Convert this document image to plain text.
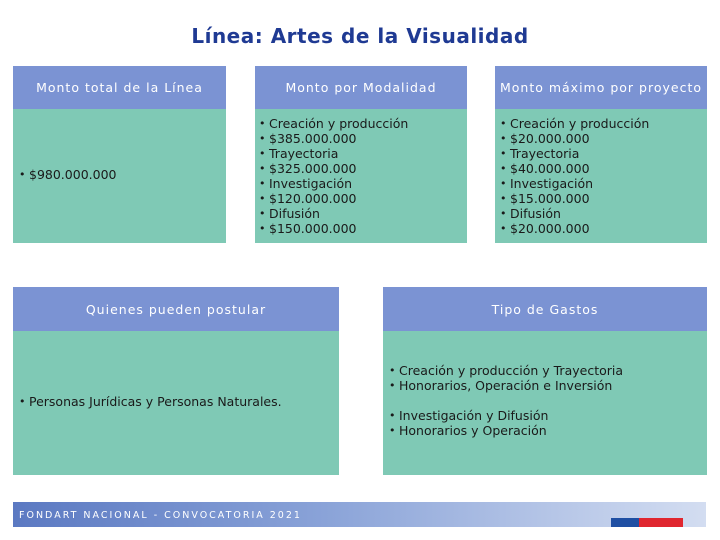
Línea: Artes de la Visualidad
Monto total de la Línea
• $980.000.000
Monto por Modalidad
• Creación y producción
• $385.000.000
• Trayectoria
• $325.000.000
• Investigación
• $120.000.000
• Difusión
• $150.000.000
Monto máximo por proyecto
• Creación y producción
• $20.000.000
• Trayectoria
• $40.000.000
• Investigación
• $15.000.000
• Difusión
• $20.000.000
Quienes pueden postular
• Personas Jurídicas y Personas Naturales.
Tipo de Gastos
• Creación y producción y Trayectoria
• Honorarios, Operación e Inversión
• Investigación y Difusión
• Honorarios y Operación
FONDART NACIONAL - CONVOCATORIA 2021
